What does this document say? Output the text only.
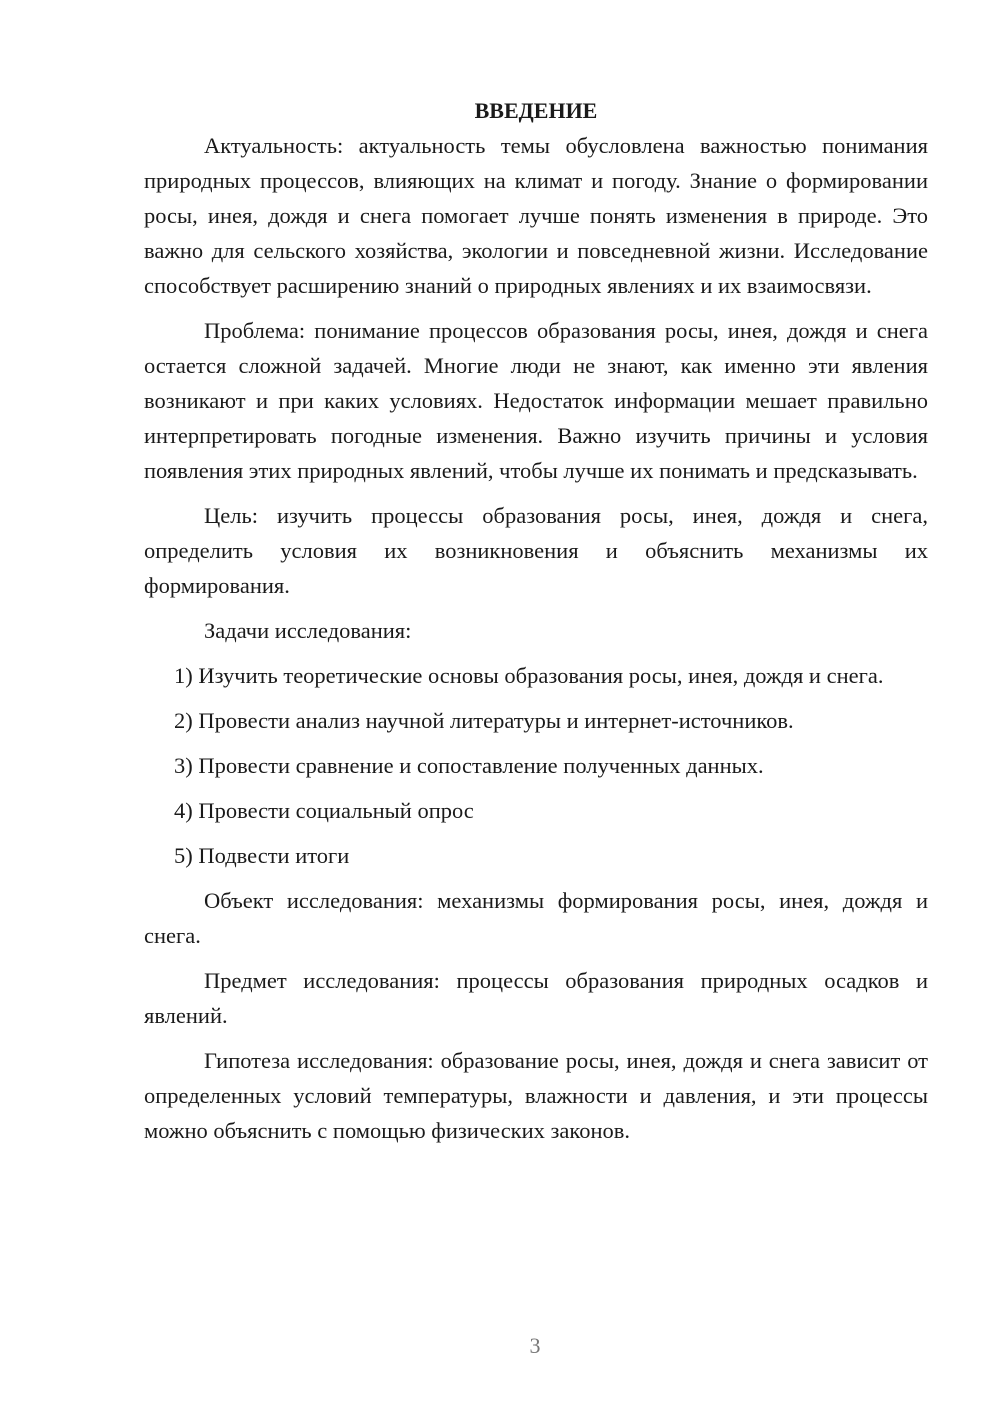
ВВЕДЕНИЕ

Актуальность: актуальность темы обусловлена важностью понимания природных процессов, влияющих на климат и погоду. Знание о формировании росы, инея, дождя и снега помогает лучше понять изменения в природе. Это важно для сельского хозяйства, экологии и повседневной жизни. Исследование способствует расширению знаний о природных явлениях и их взаимосвязи.

Проблема: понимание процессов образования росы, инея, дождя и снега остается сложной задачей. Многие люди не знают, как именно эти явления возникают и при каких условиях. Недостаток информации мешает правильно интерпретировать погодные изменения. Важно изучить причины и условия появления этих природных явлений, чтобы лучше их понимать и предсказывать.

Цель: изучить процессы образования росы, инея, дождя и снега, определить условия их возникновения и объяснить механизмы их формирования.

Задачи исследования:

1) Изучить теоретические основы образования росы, инея, дождя и снега.

2) Провести анализ научной литературы и интернет-источников.

3) Провести сравнение и сопоставление полученных данных.

4) Провести социальный опрос

5) Подвести итоги

Объект исследования: механизмы формирования росы, инея, дождя и снега.

Предмет исследования: процессы образования природных осадков и явлений.

Гипотеза исследования: образование росы, инея, дождя и снега зависит от определенных условий температуры, влажности и давления, и эти процессы можно объяснить с помощью физических законов.

3
